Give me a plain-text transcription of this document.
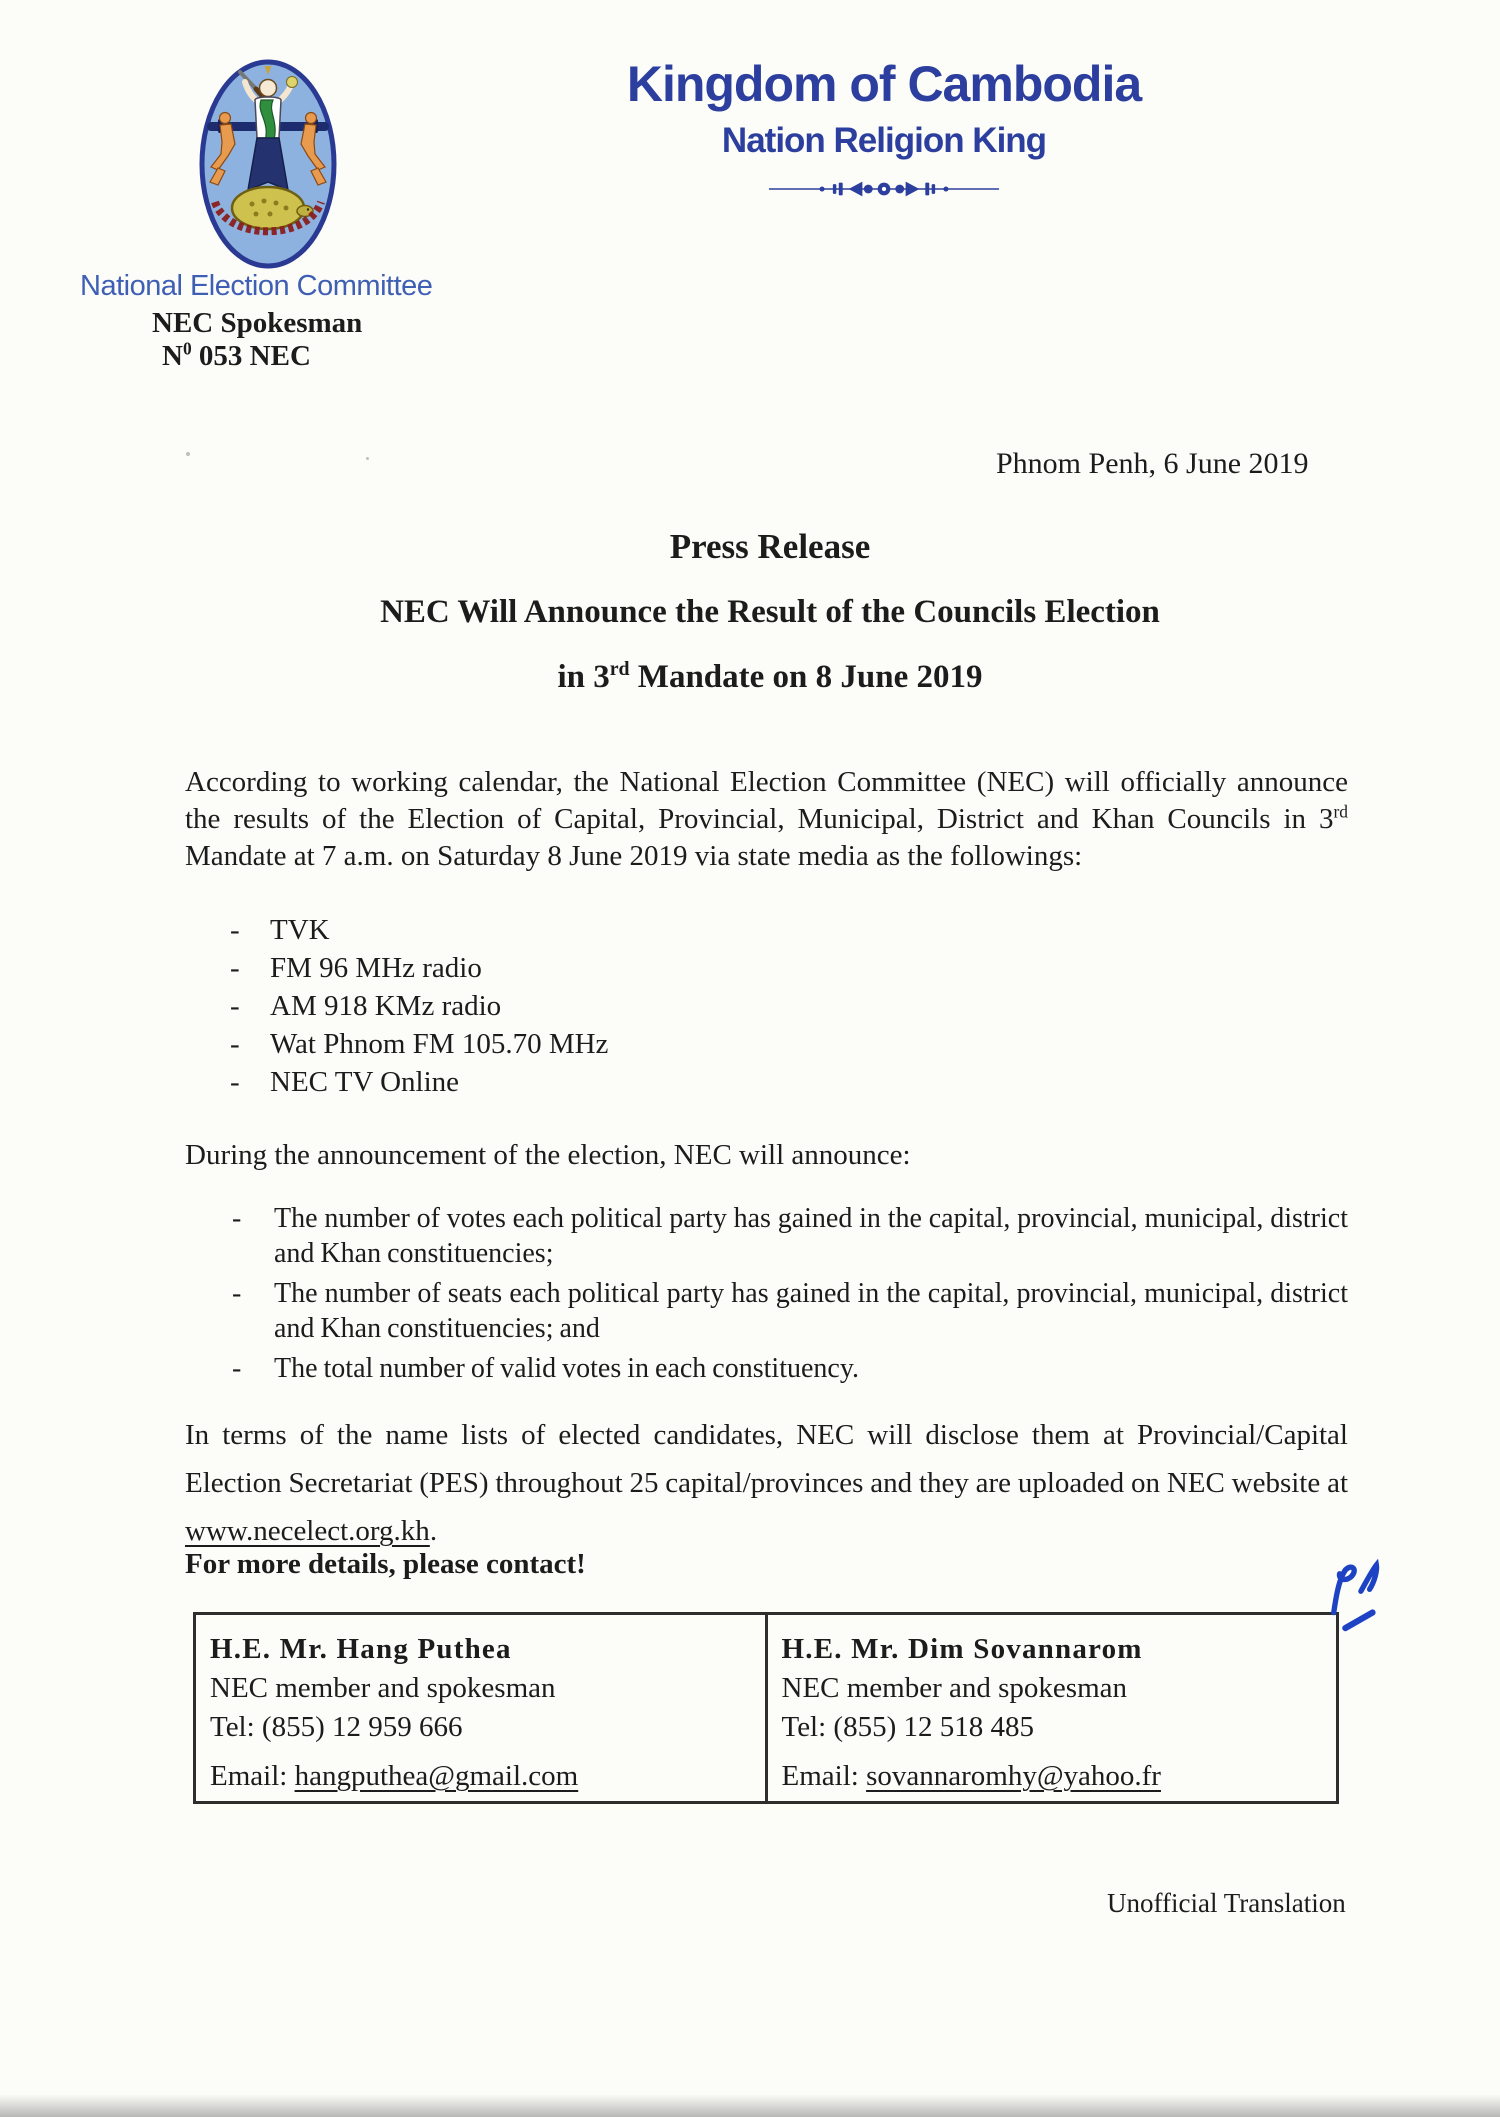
Kingdom of Cambodia
Nation Religion King
National Election Committee
NEC Spokesman
$N^0$ 053 NEC
Phnom Penh, 6 June 2019
Press Release
NEC Will Announce the Result of the Councils Election
in 3rd Mandate on 8 June 2019
According to working calendar, the National Election Committee (NEC) will officially announce the results of the Election of Capital, Provincial, Municipal, District and Khan Councils in 3rd Mandate at 7 a.m. on Saturday 8 June 2019 via state media as the followings:
- TVK
- FM 96 MHz radio
- AM 918 KMz radio
- Wat Phnom FM 105.70 MHz
- NEC TV Online
During the announcement of the election, NEC will announce:
- The number of votes each political party has gained in the capital, provincial, municipal, district and Khan constituencies;
- The number of seats each political party has gained in the capital, provincial, municipal, district and Khan constituencies; and
- The total number of valid votes in each constituency.
In terms of the name lists of elected candidates, NEC will disclose them at Provincial/Capital Election Secretariat (PES) throughout 25 capital/provinces and they are uploaded on NEC website at www.necelect.org.kh.
For more details, please contact!

H.E. Mr. Hang Puthea

NEC member and spokesman

Tel: (855) 12 959 666

Email: hangputhea@gmail.com

H.E. Mr. Dim Sovannarom

NEC member and spokesman

Tel: (855) 12 518 485

Email: sovannaromhy@yahoo.fr

Unofficial Translation
